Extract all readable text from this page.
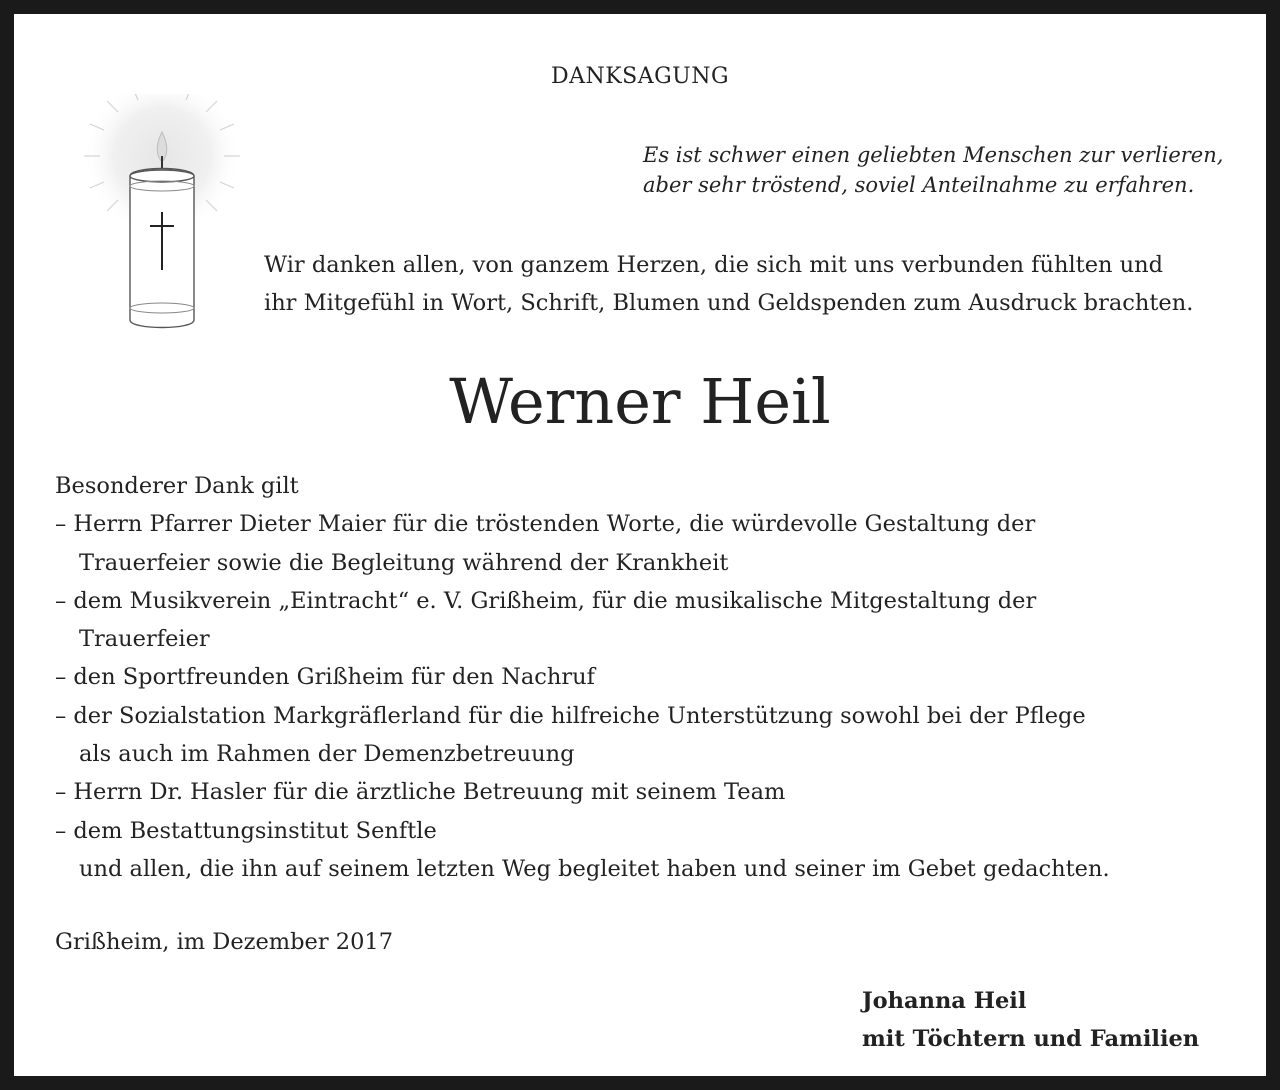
DANKSAGUNG
Es ist schwer einen geliebten Menschen zur verlieren,
aber sehr tröstend, soviel Anteilnahme zu erfahren.
Wir danken allen, von ganzem Herzen, die sich mit uns verbunden fühlten und
ihr Mitgefühl in Wort, Schrift, Blumen und Geldspenden zum Ausdruck brachten.
Werner Heil
Besonderer Dank gilt
– Herrn Pfarrer Dieter Maier für die tröstenden Worte, die würdevolle Gestaltung der
Trauerfeier sowie die Begleitung während der Krankheit
– dem Musikverein „Eintracht“ e. V. Grißheim, für die musikalische Mitgestaltung der
Trauerfeier
– den Sportfreunden Grißheim für den Nachruf
– der Sozialstation Markgräflerland für die hilfreiche Unterstützung sowohl bei der Pflege
als auch im Rahmen der Demenzbetreuung
– Herrn Dr. Hasler für die ärztliche Betreuung mit seinem Team
– dem Bestattungsinstitut Senftle
und allen, die ihn auf seinem letzten Weg begleitet haben und seiner im Gebet gedachten.
Grißheim, im Dezember 2017
Johanna Heil
mit Töchtern und Familien
